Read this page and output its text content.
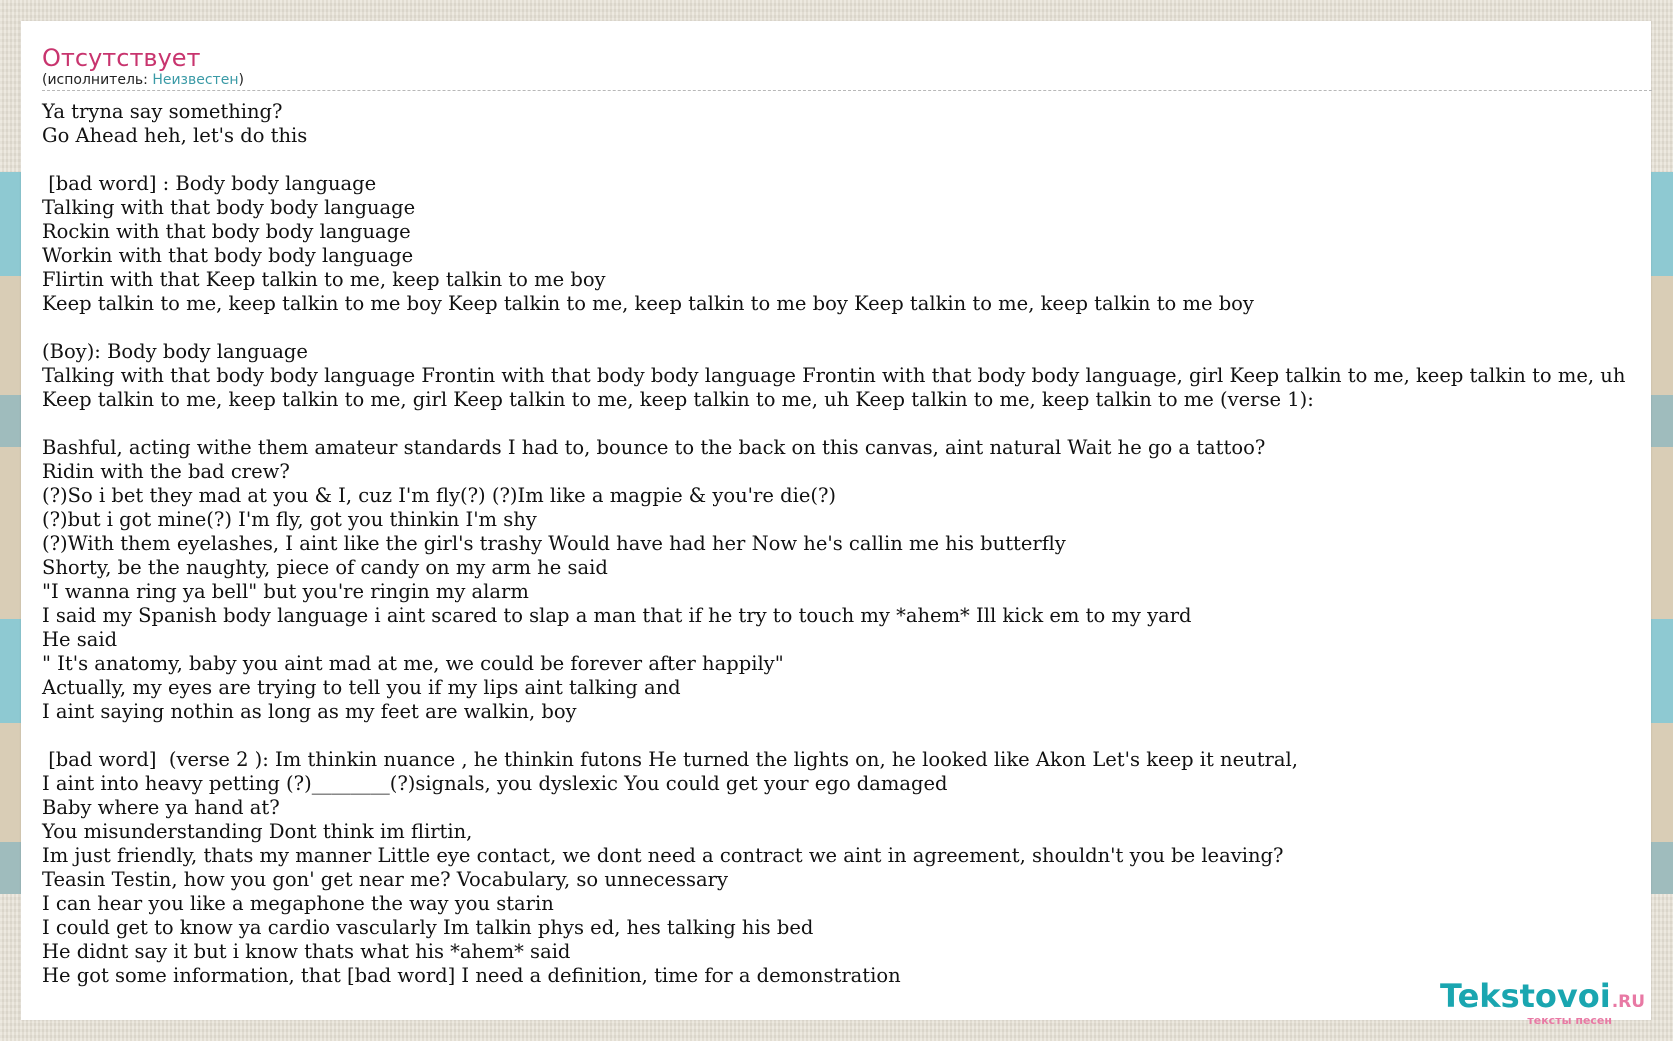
Отсутствует
(исполнитель: Неизвестен)
Ya tryna say something?
Go Ahead heh, let's do this
[bad word] : Body body language
Talking with that body body language
Rockin with that body body language
Workin with that body body language
Flirtin with that Keep talkin to me, keep talkin to me boy
Keep talkin to me, keep talkin to me boy Keep talkin to me, keep talkin to me boy Keep talkin to me, keep talkin to me boy
(Boy): Body body language
Talking with that body body language Frontin with that body body language Frontin with that body body language, girl Keep talkin to me, keep talkin to me, uh
Keep talkin to me, keep talkin to me, girl Keep talkin to me, keep talkin to me, uh Keep talkin to me, keep talkin to me (verse 1):
Bashful, acting withe them amateur standards I had to, bounce to the back on this canvas, aint natural Wait he go a tattoo?
Ridin with the bad crew?
(?)So i bet they mad at you & I, cuz I'm fly(?) (?)Im like a magpie & you're die(?)
(?)but i got mine(?) I'm fly, got you thinkin I'm shy
(?)With them eyelashes, I aint like the girl's trashy Would have had her Now he's callin me his butterfly
Shorty, be the naughty, piece of candy on my arm he said
"I wanna ring ya bell" but you're ringin my alarm
I said my Spanish body language i aint scared to slap a man that if he try to touch my *ahem* Ill kick em to my yard
He said
" It's anatomy, baby you aint mad at me, we could be forever after happily"
Actually, my eyes are trying to tell you if my lips aint talking and
I aint saying nothin as long as my feet are walkin, boy
[bad word]  (verse 2 ): Im thinkin nuance , he thinkin futons He turned the lights on, he looked like Akon Let's keep it neutral,
I aint into heavy petting (?)________(?)signals, you dyslexic You could get your ego damaged
Baby where ya hand at?
You misunderstanding Dont think im flirtin,
Im just friendly, thats my manner Little eye contact, we dont need a contract we aint in agreement, shouldn't you be leaving?
Teasin Testin, how you gon' get near me? Vocabulary, so unnecessary
I can hear you like a megaphone the way you starin
I could get to know ya cardio vascularly Im talkin phys ed, hes talking his bed
He didnt say it but i know thats what his *ahem* said
He got some information, that [bad word] I need a definition, time for a demonstration
Tekstovoi.RU
тексты песен
